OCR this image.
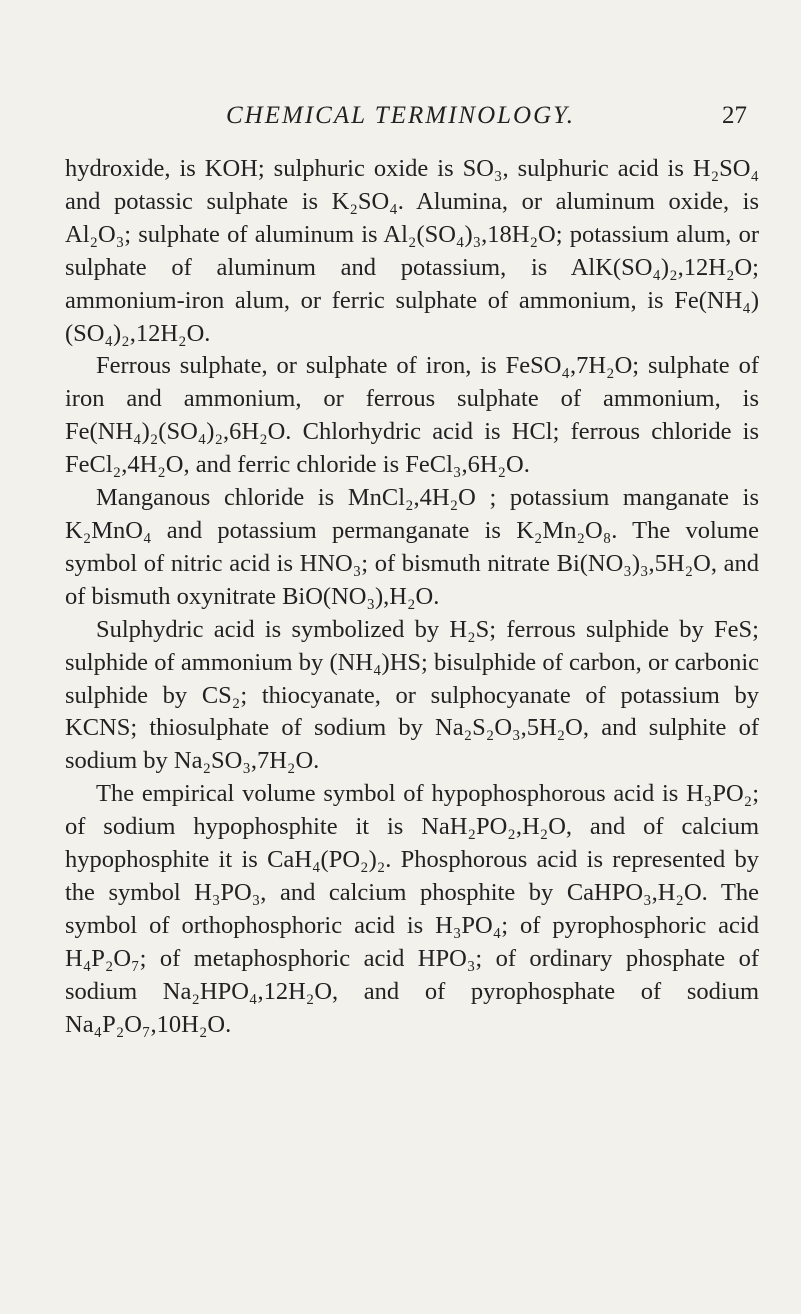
CHEMICAL TERMINOLOGY.	27

hydroxide, is KOH; sulphuric oxide is SO₃, sulphuric acid is H₂SO₄ and potassic sulphate is K₂SO₄. Alumina, or aluminum oxide, is Al₂O₃; sulphate of aluminum is Al₂(SO₄)₃,18H₂O; potassium alum, or sulphate of aluminum and potassium, is AlK(SO₄)₂,12H₂O; ammonium-iron alum, or ferric sulphate of ammonium, is Fe(NH₄)(SO₄)₂,12H₂O.

Ferrous sulphate, or sulphate of iron, is FeSO₄,7H₂O; sulphate of iron and ammonium, or ferrous sulphate of ammonium, is Fe(NH₄)₂(SO₄)₂,6H₂O. Chlorhydric acid is HCl; ferrous chloride is FeCl₂,4H₂O, and ferric chloride is FeCl₃,6H₂O.

Manganous chloride is MnCl₂,4H₂O ; potassium manganate is K₂MnO₄ and potassium permanganate is K₂Mn₂O₈. The volume symbol of nitric acid is HNO₃; of bismuth nitrate Bi(NO₃)₃,5H₂O, and of bismuth oxynitrate BiO(NO₃),H₂O.

Sulphydric acid is symbolized by H₂S; ferrous sulphide by FeS; sulphide of ammonium by (NH₄)HS; bisulphide of carbon, or carbonic sulphide by CS₂; thiocyanate, or sulphocyanate of potassium by KCNS; thiosulphate of sodium by Na₂S₂O₃,5H₂O, and sulphite of sodium by Na₂SO₃,7H₂O.

The empirical volume symbol of hypophosphorous acid is H₃PO₂; of sodium hypophosphite it is NaH₂PO₂,H₂O, and of calcium hypophosphite it is CaH₄(PO₂)₂. Phosphorous acid is represented by the symbol H₃PO₃, and calcium phosphite by CaHPO₃,H₂O. The symbol of orthophosphoric acid is H₃PO₄; of pyrophosphoric acid H₄P₂O₇; of metaphosphoric acid HPO₃; of ordinary phosphate of sodium Na₂HPO₄,12H₂O, and of pyrophosphate of sodium Na₄P₂O₇,10H₂O.
